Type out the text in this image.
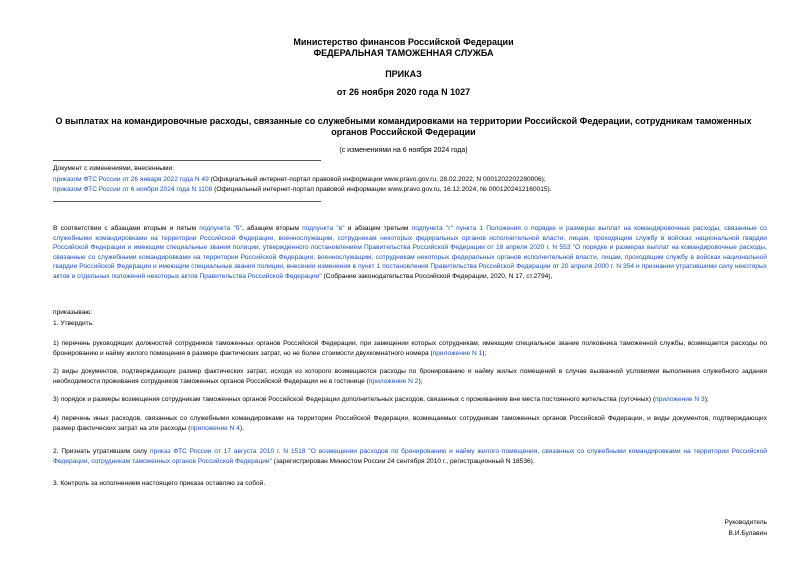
Министерство финансов Российской Федерации
ФЕДЕРАЛЬНАЯ ТАМОЖЕННАЯ СЛУЖБА
ПРИКАЗ
от 26 ноября 2020 года N 1027
О выплатах на командировочные расходы, связанные со служебными командировками на территории Российской Федерации, сотрудникам таможенных органов Российской Федерации
(с изменениями на 6 ноября 2024 года)
Документ с изменениями, внесенными:
приказом ФТС России от 26 января 2022 года N 49 (Официальный интернет-портал правовой информации www.pravo.gov.ru, 28.02.2022, N 0001202202280006);
приказом ФТС России от 6 ноября 2024 года N 1108 (Официальный интернет-портал правовой информации www.pravo.gov.ru, 16.12.2024, № 0001202412160015).
В соответствии с абзацами вторым и пятым подпункта "б", абзацем вторым подпункта "в" и абзацем третьим подпункта "г" пункта 1 Положения о порядке и размерах выплат на командировочные расходы, связанные со служебными командировками на территории Российской Федерации, военнослужащим, сотрудникам некоторых федеральных органов исполнительной власти, лицам, проходящим службу в войсках национальной гвардии Российской Федерации и имеющим специальные звания полиции, утвержденного постановлением Правительства Российской Федерации от 18 апреля 2020 г. N 553 "О порядке и размерах выплат на командировочные расходы, связанные со служебными командировками на территории Российской Федерации, военнослужащим, сотрудникам некоторых федеральных органов исполнительной власти, лицам, проходящим службу в войсках национальной гвардии Российской Федерации и имеющим специальные звания полиции, внесении изменения в пункт 1 постановления Правительства Российской Федерации от 20 апреля 2000 г. N 354 и признании утратившими силу некоторых актов и отдельных положений некоторых актов Правительства Российской Федерации" (Собрание законодательства Российской Федерации, 2020, N 17, ст.2794),
приказываю:
1. Утвердить:
1) перечень руководящих должностей сотрудников таможенных органов Российской Федерации, при замещении которых сотрудникам, имеющим специальное звание полковника таможенной службы, возмещается расходы по бронированию и найму жилого помещения в размере фактических затрат, но не более стоимости двухкомнатного номера (приложение N 1);
2) виды документов, подтверждающих размер фактических затрат, исходя из которого возмещаются расходы по бронированию и найму жилых помещений в случае вызванной условиями выполнения служебного задания необходимости проживания сотрудников таможенных органов Российской Федерации не в гостинице (приложение N 2);
3) порядок и размеры возмещения сотрудникам таможенных органов Российской Федерации дополнительных расходов, связанных с проживанием вне места постоянного жительства (суточных) (приложение N 3);
4) перечень иных расходов, связанных со служебными командировками на территории Российской Федерации, возмещаемых сотрудникам таможенных органов Российской Федерации, и виды документов, подтверждающих размер фактических затрат на эти расходы (приложение N 4).
2. Признать утратившим силу приказ ФТС России от 17 августа 2010 г. N 1518 "О возмещении расходов по бронированию и найму жилого помещения, связанных со служебными командировками на территории Российской Федерации, сотрудникам таможенных органов Российской Федерации" (зарегистрирован Минюстом России 24 сентября 2010 г., регистрационный N 18536).
3. Контроль за исполнением настоящего приказа оставляю за собой.
Руководитель
В.И.Булавин
